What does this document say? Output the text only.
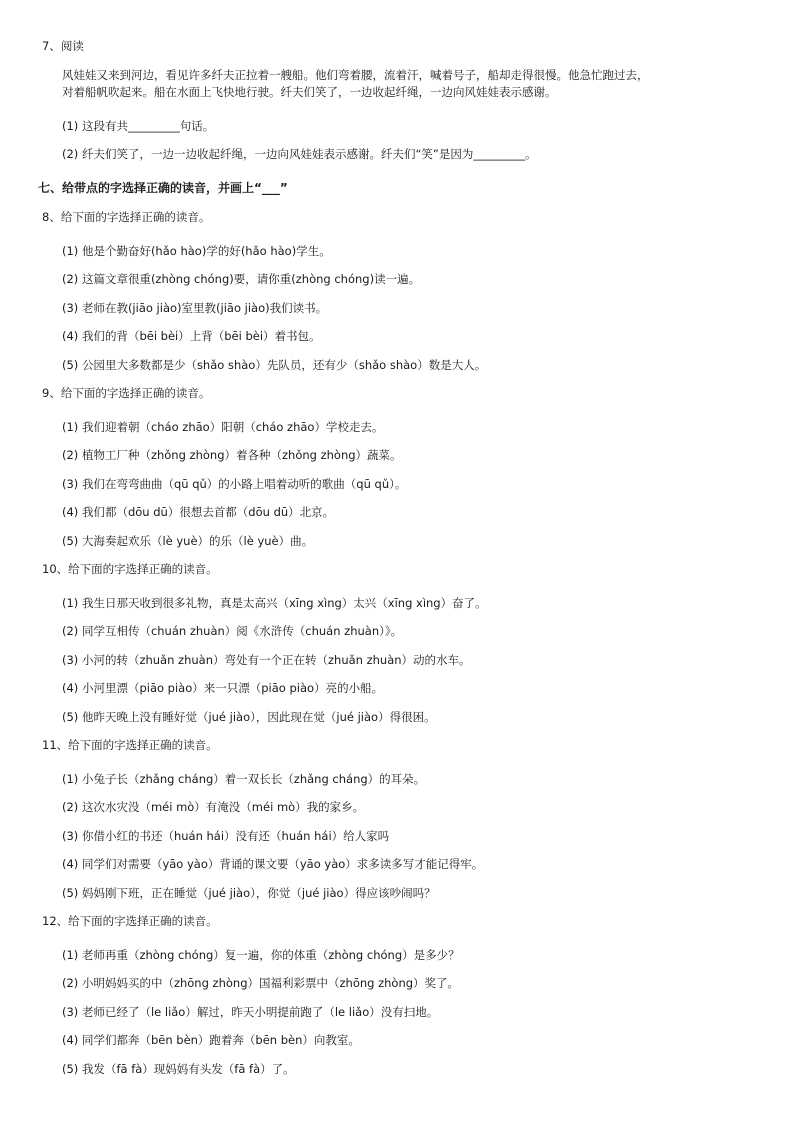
7、阅读
风娃娃又来到河边，看见许多纤夫正拉着一艘船。他们弯着腰，流着汗，喊着号子，船却走得很慢。他急忙跑过去，
对着船帆吹起来。船在水面上飞快地行驶。纤夫们笑了，一边收起纤绳，一边向风娃娃表示感谢。
(1) 这段有共_________句话。
(2) 纤夫们笑了，一边一边收起纤绳，一边向风娃娃表示感谢。纤夫们“笑”是因为_________。
七、给带点的字选择正确的读音，并画上“___”
8、给下面的字选择正确的读音。
(1) 他是个勤奋好(hǎo hào)学的好(hǎo hào)学生。
(2) 这篇文章很重(zhòng chóng)要，请你重(zhòng chóng)读一遍。
(3) 老师在教(jiāo jiào)室里教(jiāo jiào)我们读书。
(4) 我们的背（bēi bèi）上背（bēi bèi）着书包。
(5) 公园里大多数都是少（shǎo shào）先队员，还有少（shǎo shào）数是大人。
9、给下面的字选择正确的读音。
(1) 我们迎着朝（cháo zhāo）阳朝（cháo zhāo）学校走去。
(2) 植物工厂种（zhǒng zhòng）着各种（zhǒng zhòng）蔬菜。
(3) 我们在弯弯曲曲（qū qǔ）的小路上唱着动听的歌曲（qū qǔ）。
(4) 我们都（dōu dū）很想去首都（dōu dū）北京。
(5) 大海奏起欢乐（lè yuè）的乐（lè yuè）曲。
10、给下面的字选择正确的读音。
(1) 我生日那天收到很多礼物，真是太高兴（xīng xìng）太兴（xīng xìng）奋了。
(2) 同学互相传（chuán zhuàn）阅《水浒传（chuán zhuàn）》。
(3) 小河的转（zhuǎn zhuàn）弯处有一个正在转（zhuǎn zhuàn）动的水车。
(4) 小河里漂（piāo piào）来一只漂（piāo piào）亮的小船。
(5) 他昨天晚上没有睡好觉（jué jiào），因此现在觉（jué jiào）得很困。
11、给下面的字选择正确的读音。
(1) 小兔子长（zhǎng cháng）着一双长长（zhǎng cháng）的耳朵。
(2) 这次水灾没（méi mò）有淹没（méi mò）我的家乡。
(3) 你借小红的书还（huán hái）没有还（huán hái）给人家吗
(4) 同学们对需要（yāo yào）背诵的课文要（yāo yào）求多读多写才能记得牢。
(5) 妈妈刚下班，正在睡觉（jué jiào），你觉（jué jiào）得应该吵闹吗？
12、给下面的字选择正确的读音。
(1) 老师再重（zhòng chóng）复一遍，你的体重（zhòng chóng）是多少？
(2) 小明妈妈买的中（zhōng zhòng）国福利彩票中（zhōng zhòng）奖了。
(3) 老师已经了（le liǎo）解过，昨天小明提前跑了（le liǎo）没有扫地。
(4) 同学们都奔（bēn bèn）跑着奔（bēn bèn）向教室。
(5) 我发（fā fà）现妈妈有头发（fā fà）了。
